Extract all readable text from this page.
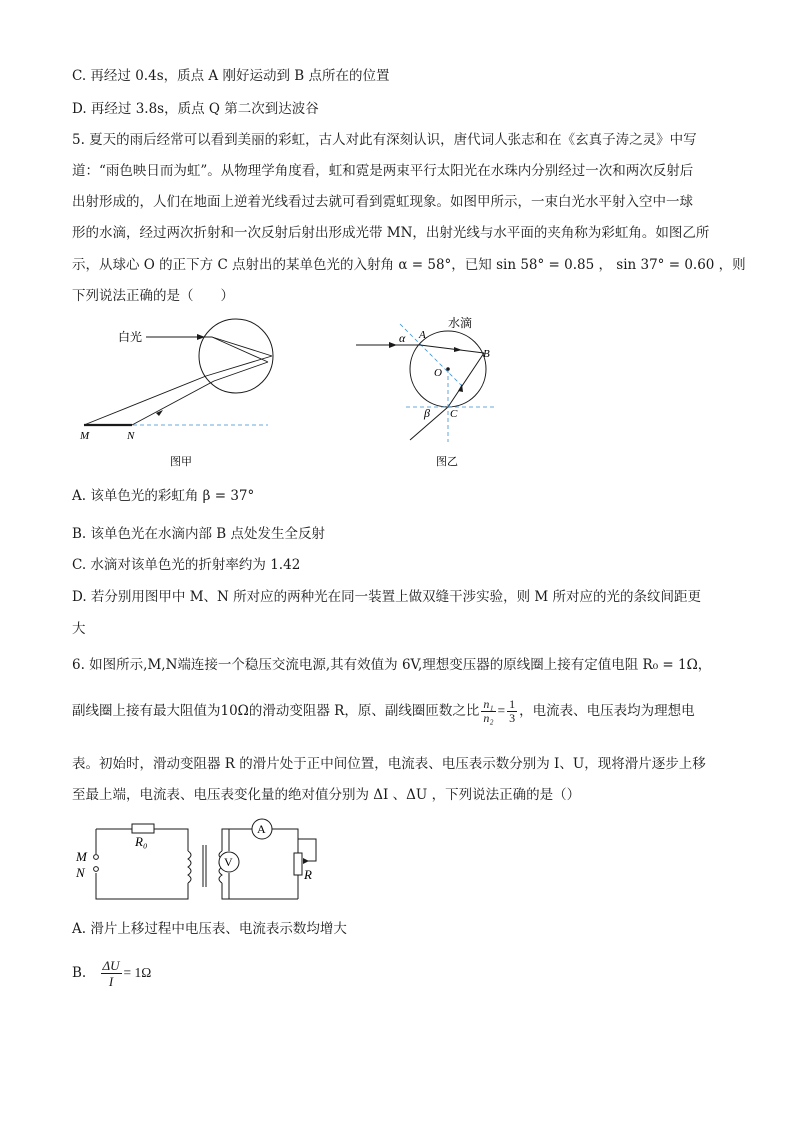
C. 再经过 0.4s，质点 A 刚好运动到 B 点所在的位置
D. 再经过 3.8s，质点 Q 第二次到达波谷
5. 夏天的雨后经常可以看到美丽的彩虹，古人对此有深刻认识，唐代词人张志和在《玄真子涛之灵》中写
道：“雨色映日而为虹”。从物理学角度看，虹和霓是两束平行太阳光在水珠内分别经过一次和两次反射后
出射形成的，人们在地面上逆着光线看过去就可看到霓虹现象。如图甲所示，一束白光水平射入空中一球
形的水滴，经过两次折射和一次反射后射出形成光带 MN，出射光线与水平面的夹角称为彩虹角。如图乙所
示，从球心 O 的正下方 C 点射出的某单色光的入射角 α = 58°，已知 sin 58° = 0.85 ， sin 37° = 0.60 ，则
下列说法正确的是（　　）
白光
M	N
图甲
水滴
α A
B
O
β C
图乙
A. 该单色光的彩虹角 β = 37°
B. 该单色光在水滴内部 B 点处发生全反射
C. 水滴对该单色光的折射率约为 1.42
D. 若分别用图甲中 M、N 所对应的两种光在同一装置上做双缝干涉实验，则 M 所对应的光的条纹间距更
大
6. 如图所示,M,N端连接一个稳压交流电源,其有效值为 6V,理想变压器的原线圈上接有定值电阻 R₀ = 1Ω，
副线圈上接有最大阻值为10Ω的滑动变阻器 R，原、副线圈匝数之比 $\frac{\text{n₁}}{\text{n₂}} = \frac{1}{3}$ ，电流表、电压表均为理想电
表。初始时，滑动变阻器 R 的滑片处于正中间位置，电流表、电压表示数分别为 I、U，现将滑片逐步上移
至最上端，电流表、电压表变化量的绝对值分别为 ΔI 、ΔU ，下列说法正确的是（）
A
V
R₀
M
N	R
A. 滑片上移过程中电压表、电流表示数均增大
B. $\frac{\Delta U}{I} = 1\Omega$
